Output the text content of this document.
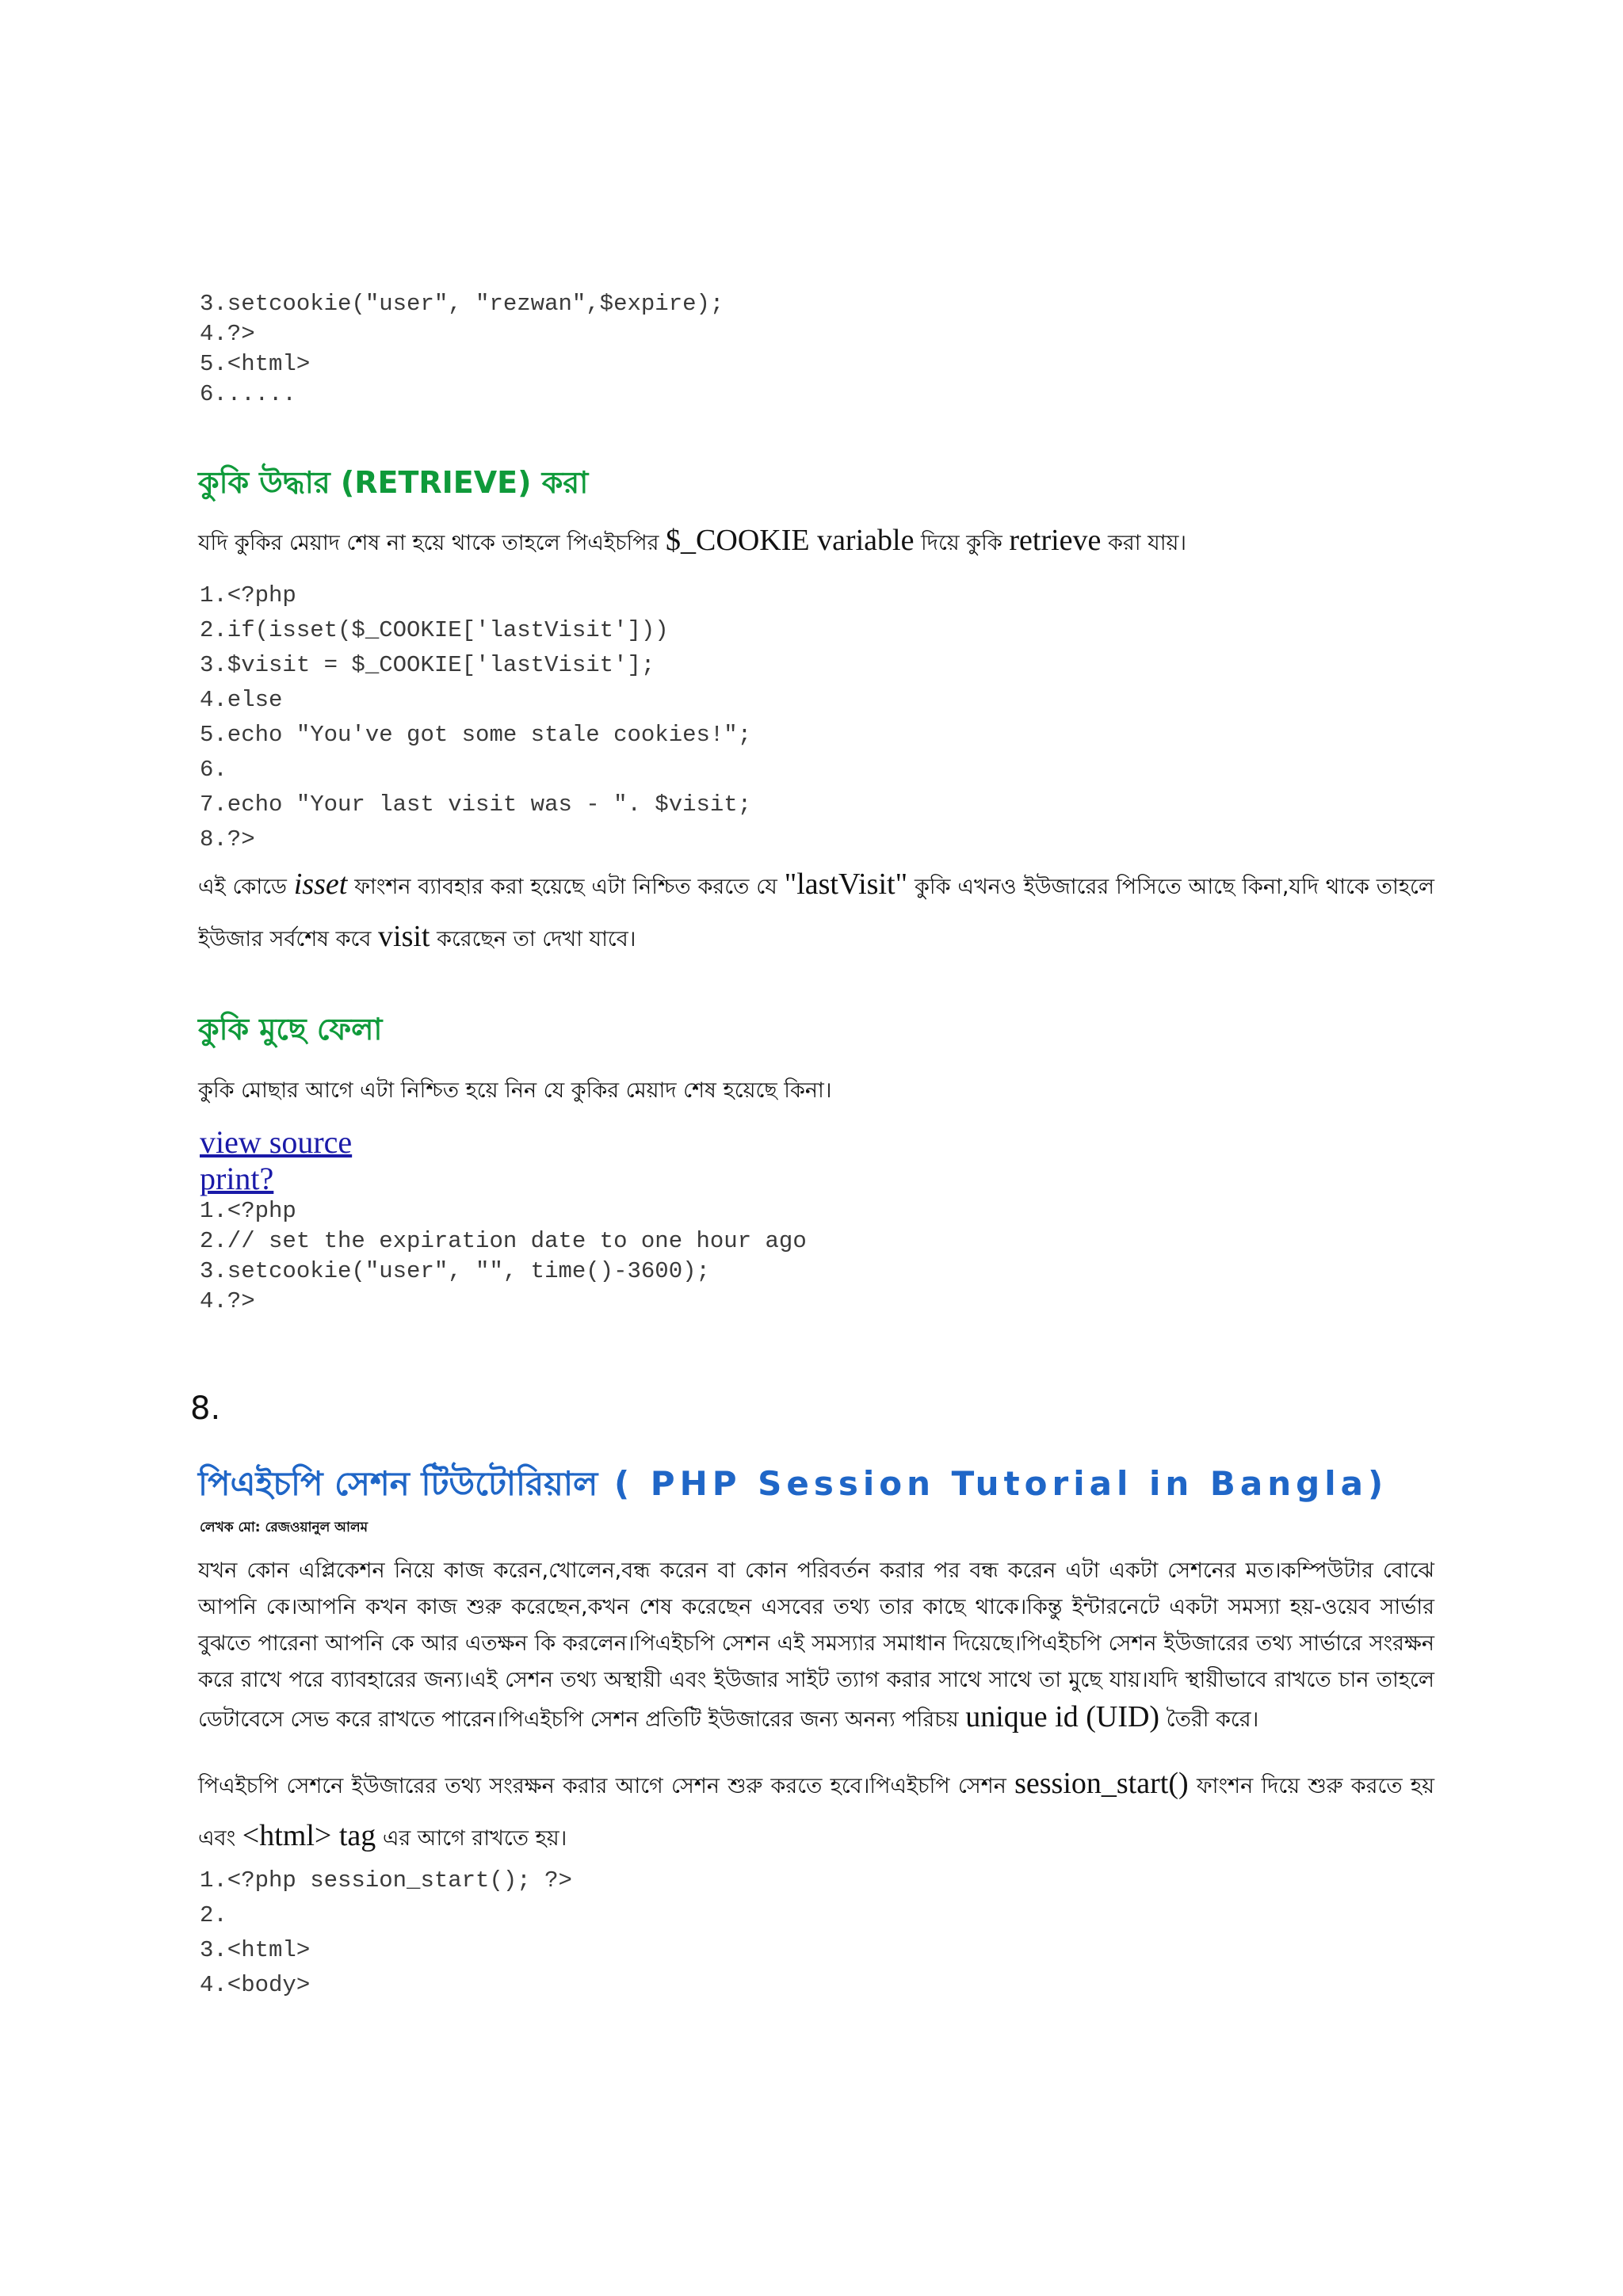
3.setcookie("user", "rezwan",$expire);
4.?>
5.<html>
6......
কুকি উদ্ধার (RETRIEVE) করা

যদি কুকির মেয়াদ শেষ না হয়ে থাকে তাহলে পিএইচপির $_COOKIE variable দিয়ে কুকি retrieve করা যায়।

1.<?php
2.if(isset($_COOKIE['lastVisit']))
3.$visit = $_COOKIE['lastVisit'];
4.else
5.echo "You've got some stale cookies!";
6.
7.echo "Your last visit was - ". $visit;
8.?>

এই কোডে isset ফাংশন ব্যাবহার করা হয়েছে এটা নিশ্চিত করতে যে "lastVisit" কুকি এখনও ইউজারের পিসিতে আছে কিনা,যদি থাকে তাহলে ইউজার সর্বশেষ কবে visit করেছেন তা দেখা যাবে।

কুকি মুছে ফেলা

কুকি মোছার আগে এটা নিশ্চিত হয়ে নিন যে কুকির মেয়াদ শেষ হয়েছে কিনা।

view source
print?
1.<?php
2.// set the expiration date to one hour ago
3.setcookie("user", "", time()-3600);
4.?>

8.

পিএইচপি সেশন টিউটোরিয়াল ( PHP Session Tutorial in Bangla)

লেখক মো: রেজওয়ানুল আলম

যখন কোন এপ্লিকেশন নিয়ে কাজ করেন,খোলেন,বন্ধ করেন বা কোন পরিবর্তন করার পর বন্ধ করেন এটা একটা সেশনের মত।কম্পিউটার বোঝে আপনি কে।আপনি কখন কাজ শুরু করেছেন,কখন শেষ করেছেন এসবের তথ্য তার কাছে থাকে।কিন্তু ইন্টারনেটে একটা সমস্যা হয়-ওয়েব সার্ভার বুঝতে পারেনা আপনি কে আর এতক্ষন কি করলেন।পিএইচপি সেশন এই সমস্যার সমাধান দিয়েছে।পিএইচপি সেশন ইউজারের তথ্য সার্ভারে সংরক্ষন করে রাখে পরে ব্যাবহারের জন্য।এই সেশন তথ্য অস্থায়ী এবং ইউজার সাইট ত্যাগ করার সাথে সাথে তা মুছে যায়।যদি স্থায়ীভাবে রাখতে চান তাহলে ডেটাবেসে সেভ করে রাখতে পারেন।পিএইচপি সেশন প্রতিটি ইউজারের জন্য অনন্য পরিচয় unique id (UID) তৈরী করে।

পিএইচপি সেশনে ইউজারের তথ্য সংরক্ষন করার আগে সেশন শুরু করতে হবে।পিএইচপি সেশন session_start() ফাংশন দিয়ে শুরু করতে হয় এবং <html> tag এর আগে রাখতে হয়।

1.<?php session_start(); ?>
2.
3.<html>
4.<body>
